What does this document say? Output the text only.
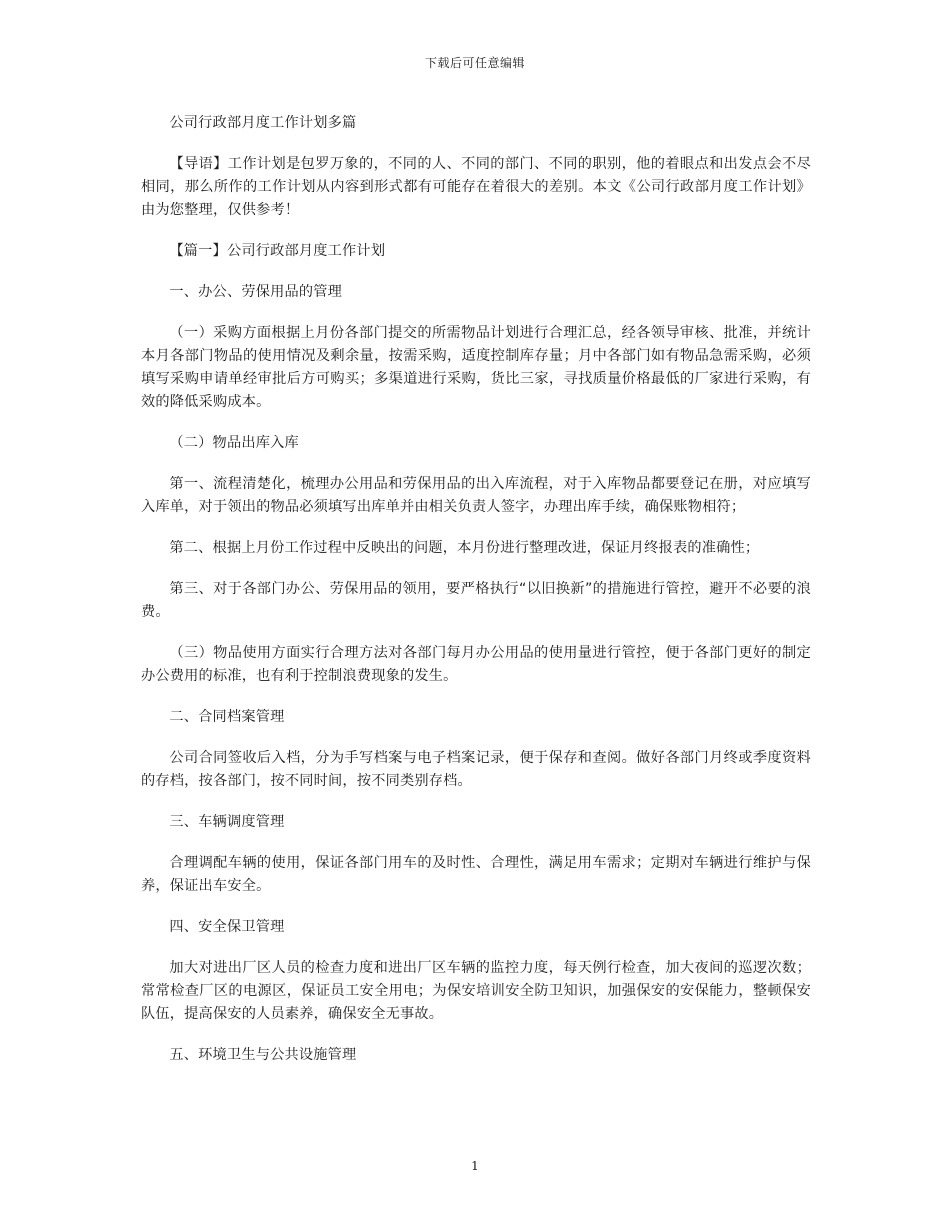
下载后可任意编辑

公司行政部月度工作计划多篇

【导语】工作计划是包罗万象的，不同的人、不同的部门、不同的职别，他的着眼点和出发点会不尽相同，那么所作的工作计划从内容到形式都有可能存在着很大的差别。本文《公司行政部月度工作计划》由为您整理，仅供参考！

【篇一】公司行政部月度工作计划

一、办公、劳保用品的管理

（一）采购方面根据上月份各部门提交的所需物品计划进行合理汇总，经各领导审核、批准，并统计本月各部门物品的使用情况及剩余量，按需采购，适度控制库存量；月中各部门如有物品急需采购，必须填写采购申请单经审批后方可购买；多渠道进行采购，货比三家，寻找质量价格最低的厂家进行采购，有效的降低采购成本。

（二）物品出库入库

第一、流程清楚化，梳理办公用品和劳保用品的出入库流程，对于入库物品都要登记在册，对应填写入库单，对于领出的物品必须填写出库单并由相关负责人签字，办理出库手续，确保账物相符；

第二、根据上月份工作过程中反映出的问题，本月份进行整理改进，保证月终报表的准确性；

第三、对于各部门办公、劳保用品的领用，要严格执行“以旧换新”的措施进行管控，避开不必要的浪费。

（三）物品使用方面实行合理方法对各部门每月办公用品的使用量进行管控，便于各部门更好的制定办公费用的标准，也有利于控制浪费现象的发生。

二、合同档案管理

公司合同签收后入档，分为手写档案与电子档案记录，便于保存和查阅。做好各部门月终或季度资料的存档，按各部门，按不同时间，按不同类别存档。

三、车辆调度管理

合理调配车辆的使用，保证各部门用车的及时性、合理性，满足用车需求；定期对车辆进行维护与保养，保证出车安全。

四、安全保卫管理

加大对进出厂区人员的检查力度和进出厂区车辆的监控力度，每天例行检查，加大夜间的巡逻次数；常常检查厂区的电源区，保证员工安全用电；为保安培训安全防卫知识，加强保安的安保能力，整顿保安队伍，提高保安的人员素养，确保安全无事故。

五、环境卫生与公共设施管理

1
